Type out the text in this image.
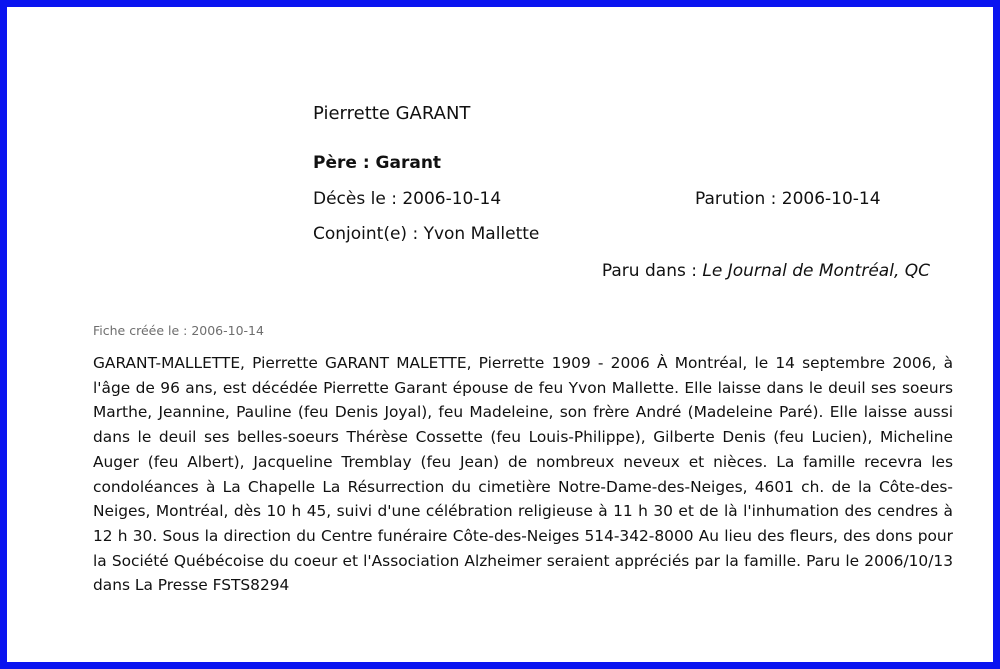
Pierrette GARANT
Père : Garant
Décès le : 2006-10-14	Parution : 2006-10-14
Conjoint(e) : Yvon Mallette
Paru dans : Le Journal de Montréal, QC
Fiche créée le : 2006-10-14
GARANT-MALLETTE, Pierrette GARANT MALETTE, Pierrette 1909 - 2006 À Montréal, le 14 septembre 2006, à l'âge de 96 ans, est décédée Pierrette Garant épouse de feu Yvon Mallette. Elle laisse dans le deuil ses soeurs Marthe, Jeannine, Pauline (feu Denis Joyal), feu Madeleine, son frère André (Madeleine Paré). Elle laisse aussi dans le deuil ses belles-soeurs Thérèse Cossette (feu Louis-Philippe), Gilberte Denis (feu Lucien), Micheline Auger (feu Albert), Jacqueline Tremblay (feu Jean) de nombreux neveux et nièces. La famille recevra les condoléances à La Chapelle La Résurrection du cimetière Notre-Dame-des-Neiges, 4601 ch. de la Côte-des-Neiges, Montréal, dès 10 h 45, suivi d'une célébration religieuse à 11 h 30 et de là l'inhumation des cendres à 12 h 30. Sous la direction du Centre funéraire Côte-des-Neiges 514-342-8000 Au lieu des fleurs, des dons pour la Société Québécoise du coeur et l'Association Alzheimer seraient appréciés par la famille. Paru le 2006/10/13 dans La Presse FSTS8294
